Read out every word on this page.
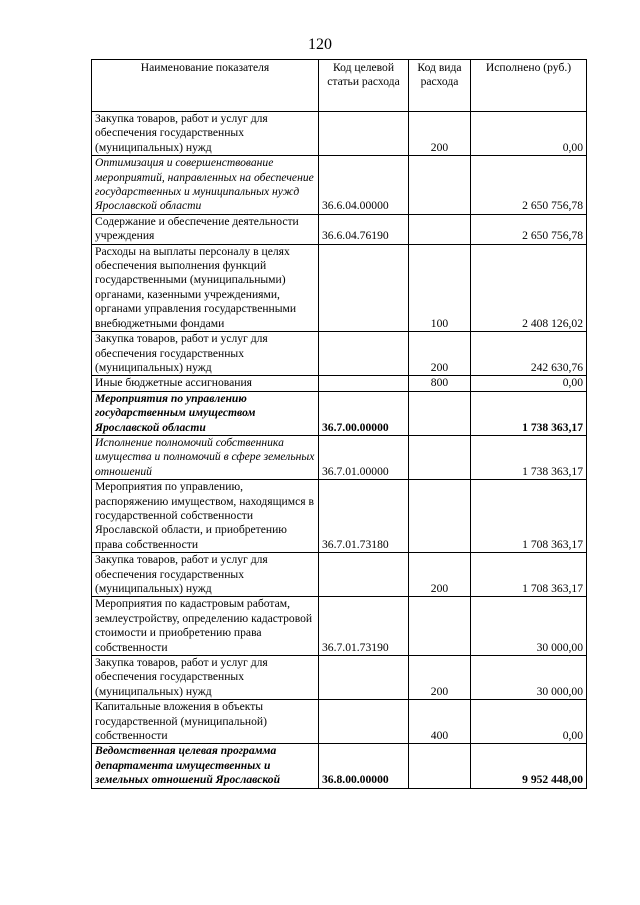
120
Наименование показателя	Код целевой статьи расхода	Код вида расхода	Исполнено (руб.)
Закупка товаров, работ и услуг для обеспечения государственных (муниципальных) нужд		200	0,00
Оптимизация и совершенствование мероприятий, направленных на обеспечение государственных и муниципальных нужд Ярославской области	36.6.04.00000		2 650 756,78
Содержание и обеспечение деятельности учреждения	36.6.04.76190		2 650 756,78
Расходы на выплаты персоналу в целях обеспечения выполнения функций государственными (муниципальными) органами, казенными учреждениями, органами управления государственными внебюджетными фондами		100	2 408 126,02
Закупка товаров, работ и услуг для обеспечения государственных (муниципальных) нужд		200	242 630,76
Иные бюджетные ассигнования		800	0,00
Мероприятия по управлению государственным имуществом Ярославской области	36.7.00.00000		1 738 363,17
Исполнение полномочий собственника имущества и полномочий в сфере земельных отношений	36.7.01.00000		1 738 363,17
Мероприятия по управлению, распоряжению имуществом, находящимся в государственной собственности Ярославской области, и приобретению права собственности	36.7.01.73180		1 708 363,17
Закупка товаров, работ и услуг для обеспечения государственных (муниципальных) нужд		200	1 708 363,17
Мероприятия по кадастровым работам, землеустройству, определению кадастровой стоимости и приобретению права собственности	36.7.01.73190		30 000,00
Закупка товаров, работ и услуг для обеспечения государственных (муниципальных) нужд		200	30 000,00
Капитальные вложения в объекты государственной (муниципальной) собственности		400	0,00
Ведомственная целевая программа департамента имущественных и земельных отношений Ярославской	36.8.00.00000		9 952 448,00
